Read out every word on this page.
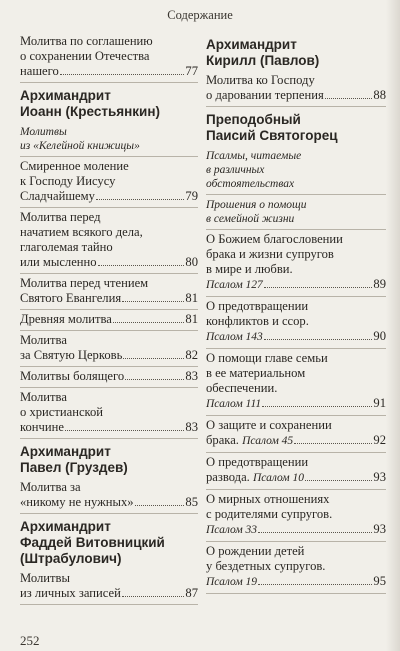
Содержание
Молитва по соглашению
о сохранении Отечества
нашего	77
Архимандрит
Иоанн (Крестьянкин)
Молитвы
из «Келейной книжицы»
Смиренное моление
к Господу Иисусу
Сладчайшему	79
Молитва перед
начатием всякого дела,
глаголемая тайно
или мысленно	80
Молитва перед чтением
Святого Евангелия	81
Древняя молитва	81
Молитва
за Святую Церковь	82
Молитвы болящего	83
Молитва
о христианской
кончине	83
Архимандрит
Павел (Груздев)
Молитва за
«никому не нужных»	85
Архимандрит
Фаддей Витовницкий
(Штрабулович)
Молитвы
из личных записей	87
Архимандрит
Кирилл (Павлов)
Молитва ко Господу
о даровании терпения	88
Преподобный
Паисий Святогорец
Псалмы, читаемые
в различных
обстоятельствах
Прошения о помощи
в семейной жизни
О Божием благословении
брака и жизни супругов
в мире и любви.
Псалом 127	89
О предотвращении
конфликтов и ссор.
Псалом 143	90
О помощи главе семьи
в ее материальном
обеспечении.
Псалом 111	91
О защите и сохранении
брака.
Псалом 45	92
О предотвращении
развода.
Псалом 10	93
О мирных отношениях
с родителями супругов.
Псалом 33	93
О рождении детей
у бездетных супругов.
Псалом 19	95
252
